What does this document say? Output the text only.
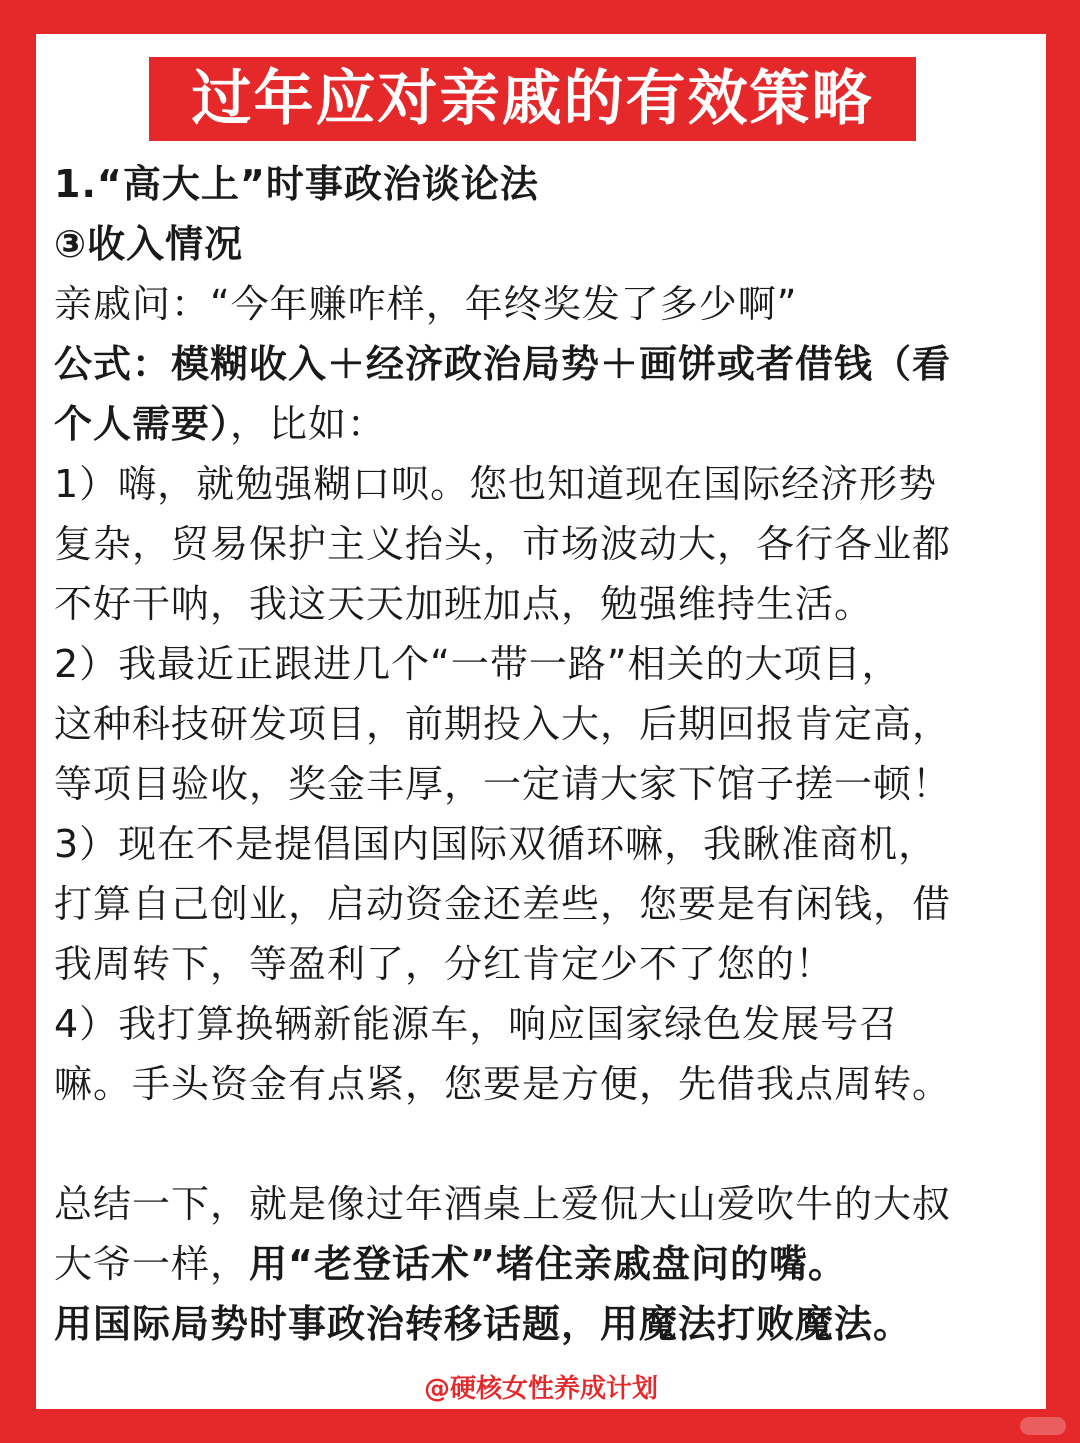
过年应对亲戚的有效策略
1.“高大上”时事政治谈论法
③收入情况
亲戚问：“今年赚咋样，年终奖发了多少啊”
公式：模糊收入＋经济政治局势＋画饼或者借钱（看
个人需要），比如：
1）嗨，就勉强糊口呗。您也知道现在国际经济形势
复杂，贸易保护主义抬头，市场波动大，各行各业都
不好干呐，我这天天加班加点，勉强维持生活。
2）我最近正跟进几个“一带一路”相关的大项目，
这种科技研发项目，前期投入大，后期回报肯定高，
等项目验收，奖金丰厚，一定请大家下馆子搓一顿！
3）现在不是提倡国内国际双循环嘛，我瞅准商机，
打算自己创业，启动资金还差些，您要是有闲钱，借
我周转下，等盈利了，分红肯定少不了您的！
4）我打算换辆新能源车，响应国家绿色发展号召
嘛。手头资金有点紧，您要是方便，先借我点周转。
总结一下，就是像过年酒桌上爱侃大山爱吹牛的大叔
大爷一样，用“老登话术”堵住亲戚盘问的嘴。
用国际局势时事政治转移话题，用魔法打败魔法。
@硬核女性养成计划
